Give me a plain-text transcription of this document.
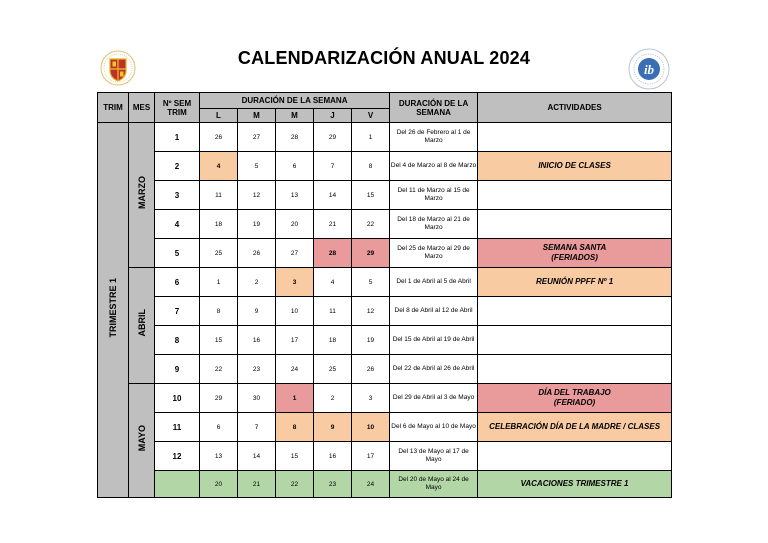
CALENDARIZACIÓN ANUAL 2024
ib
TRIM	MES	Nº SEM TRIM	DURACIÓN DE LA SEMANA					DURACIÓN DE LA SEMANA	ACTIVIDADES
			L	M	M	J	V		
TRIMESTRE 1	MARZO	1	26	27	28	29	1	Del 26 de Febrero al 1 de Marzo	
		2	4	5	6	7	8	Del 4 de Marzo al 8 de Marzo	INICIO DE CLASES
		3	11	12	13	14	15	Del 11 de Marzo al 15 de Marzo	
		4	18	19	20	21	22	Del 18 de Marzo al 21 de Marzo	
		5	25	26	27	28	29	Del 25 de Marzo al 29 de Marzo	SEMANA SANTA
(FERIADOS)
	ABRIL	6	1	2	3	4	5	Del 1 de Abril al 5 de Abril	REUNIÓN PPFF Nº 1
		7	8	9	10	11	12	Del 8 de Abril al 12 de Abril	
		8	15	16	17	18	19	Del 15 de Abril al 19 de Abril	
		9	22	23	24	25	26	Del 22 de Abril al 26 de Abril	
	MAYO	10	29	30	1	2	3	Del 29 de Abril al 3 de Mayo	DÍA DEL TRABAJO
(FERIADO)
		11	6	7	8	9	10	Del 6 de Mayo al 10 de Mayo	CELEBRACIÓN DÍA DE LA MADRE / CLASES
		12	13	14	15	16	17	Del 13 de Mayo al 17 de Mayo	
			20	21	22	23	24	Del 20 de Mayo al 24 de Mayo	VACACIONES TRIMESTRE 1
